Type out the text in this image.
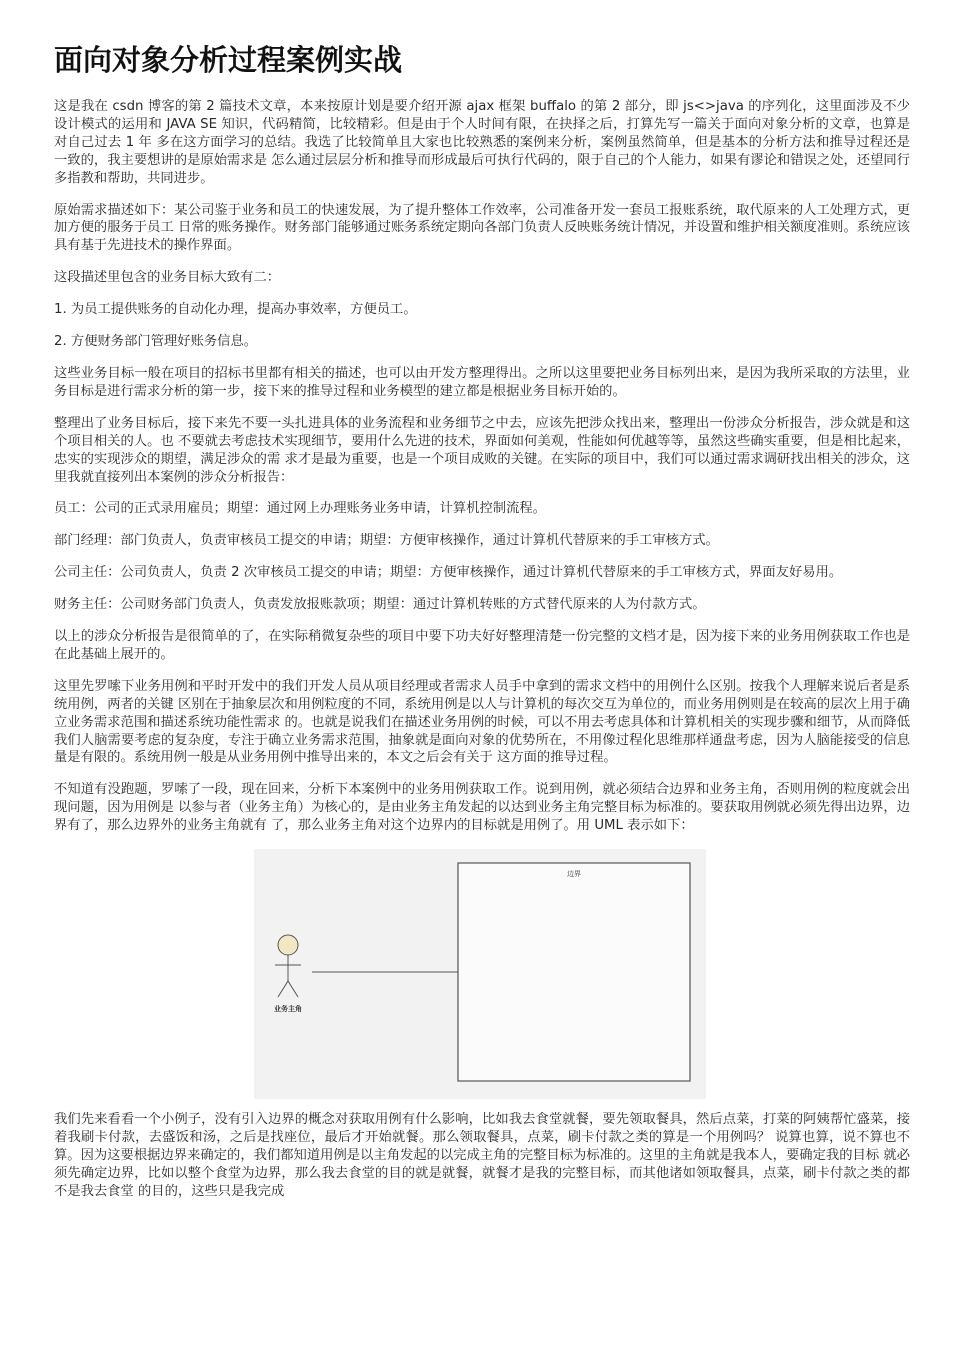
面向对象分析过程案例实战

这是我在 csdn 博客的第 2 篇技术文章，本来按原计划是要介绍开源 ajax 框架 buffalo 的第 2 部分，即 js<>java 的序列化，这里面涉及不少设计模式的运用和 JAVA SE 知识，代码精简，比较精彩。但是由于个人时间有限，在抉择之后，打算先写一篇关于面向对象分析的文章，也算是对自己过去 1 年 多在这方面学习的总结。我选了比较简单且大家也比较熟悉的案例来分析，案例虽然简单，但是基本的分析方法和推导过程还是一致的，我主要想讲的是原始需求是 怎么通过层层分析和推导而形成最后可执行代码的，限于自己的个人能力，如果有谬论和错误之处，还望同行多指教和帮助，共同进步。

原始需求描述如下：某公司鉴于业务和员工的快速发展，为了提升整体工作效率，公司准备开发一套员工报账系统，取代原来的人工处理方式，更加方便的服务于员工 日常的账务操作。财务部门能够通过账务系统定期向各部门负责人反映账务统计情况，并设置和维护相关额度准则。系统应该具有基于先进技术的操作界面。

这段描述里包含的业务目标大致有二：

1. 为员工提供账务的自动化办理，提高办事效率，方便员工。

2. 方便财务部门管理好账务信息。

这些业务目标一般在项目的招标书里都有相关的描述，也可以由开发方整理得出。之所以这里要把业务目标列出来，是因为我所采取的方法里，业务目标是进行需求分析的第一步，接下来的推导过程和业务模型的建立都是根据业务目标开始的。

整理出了业务目标后，接下来先不要一头扎进具体的业务流程和业务细节之中去，应该先把涉众找出来，整理出一份涉众分析报告，涉众就是和这个项目相关的人。也 不要就去考虑技术实现细节，要用什么先进的技术，界面如何美观，性能如何优越等等，虽然这些确实重要，但是相比起来，忠实的实现涉众的期望，满足涉众的需 求才是最为重要，也是一个项目成败的关键。在实际的项目中，我们可以通过需求调研找出相关的涉众，这里我就直接列出本案例的涉众分析报告：

员工：公司的正式录用雇员；期望：通过网上办理账务业务申请，计算机控制流程。

部门经理：部门负责人，负责审核员工提交的申请；期望：方便审核操作，通过计算机代替原来的手工审核方式。

公司主任：公司负责人，负责 2 次审核员工提交的申请；期望：方便审核操作，通过计算机代替原来的手工审核方式，界面友好易用。

财务主任：公司财务部门负责人，负责发放报账款项；期望：通过计算机转账的方式替代原来的人为付款方式。

以上的涉众分析报告是很简单的了，在实际稍微复杂些的项目中要下功夫好好整理清楚一份完整的文档才是，因为接下来的业务用例获取工作也是在此基础上展开的。

这里先罗嗦下业务用例和平时开发中的我们开发人员从项目经理或者需求人员手中拿到的需求文档中的用例什么区别。按我个人理解来说后者是系统用例，两者的关键 区别在于抽象层次和用例粒度的不同，系统用例是以人与计算机的每次交互为单位的，而业务用例则是在较高的层次上用于确立业务需求范围和描述系统功能性需求 的。也就是说我们在描述业务用例的时候，可以不用去考虑具体和计算机相关的实现步骤和细节，从而降低我们人脑需要考虑的复杂度，专注于确立业务需求范围，抽象就是面向对象的优势所在，不用像过程化思维那样通盘考虑，因为人脑能接受的信息量是有限的。系统用例一般是从业务用例中推导出来的，本文之后会有关于 这方面的推导过程。

不知道有没跑题，罗嗦了一段，现在回来，分析下本案例中的业务用例获取工作。说到用例，就必须结合边界和业务主角，否则用例的粒度就会出现问题，因为用例是 以参与者（业务主角）为核心的，是由业务主角发起的以达到业务主角完整目标为标准的。要获取用例就必须先得出边界，边界有了，那么边界外的业务主角就有 了，那么业务主角对这个边界内的目标就是用例了。用 UML 表示如下：

边界
业务主角

我们先来看看一个小例子，没有引入边界的概念对获取用例有什么影响，比如我去食堂就餐，要先领取餐具，然后点菜，打菜的阿姨帮忙盛菜，接着我刷卡付款，去盛饭和汤，之后是找座位，最后才开始就餐。那么领取餐具，点菜，刷卡付款之类的算是一个用例吗？ 说算也算，说不算也不算。因为这要根据边界来确定的，我们都知道用例是以主角发起的以完成主角的完整目标为标准的。这里的主角就是我本人，要确定我的目标 就必须先确定边界，比如以整个食堂为边界，那么我去食堂的目的就是就餐，就餐才是我的完整目标，而其他诸如领取餐具，点菜，刷卡付款之类的都不是我去食堂 的目的，这些只是我完成
